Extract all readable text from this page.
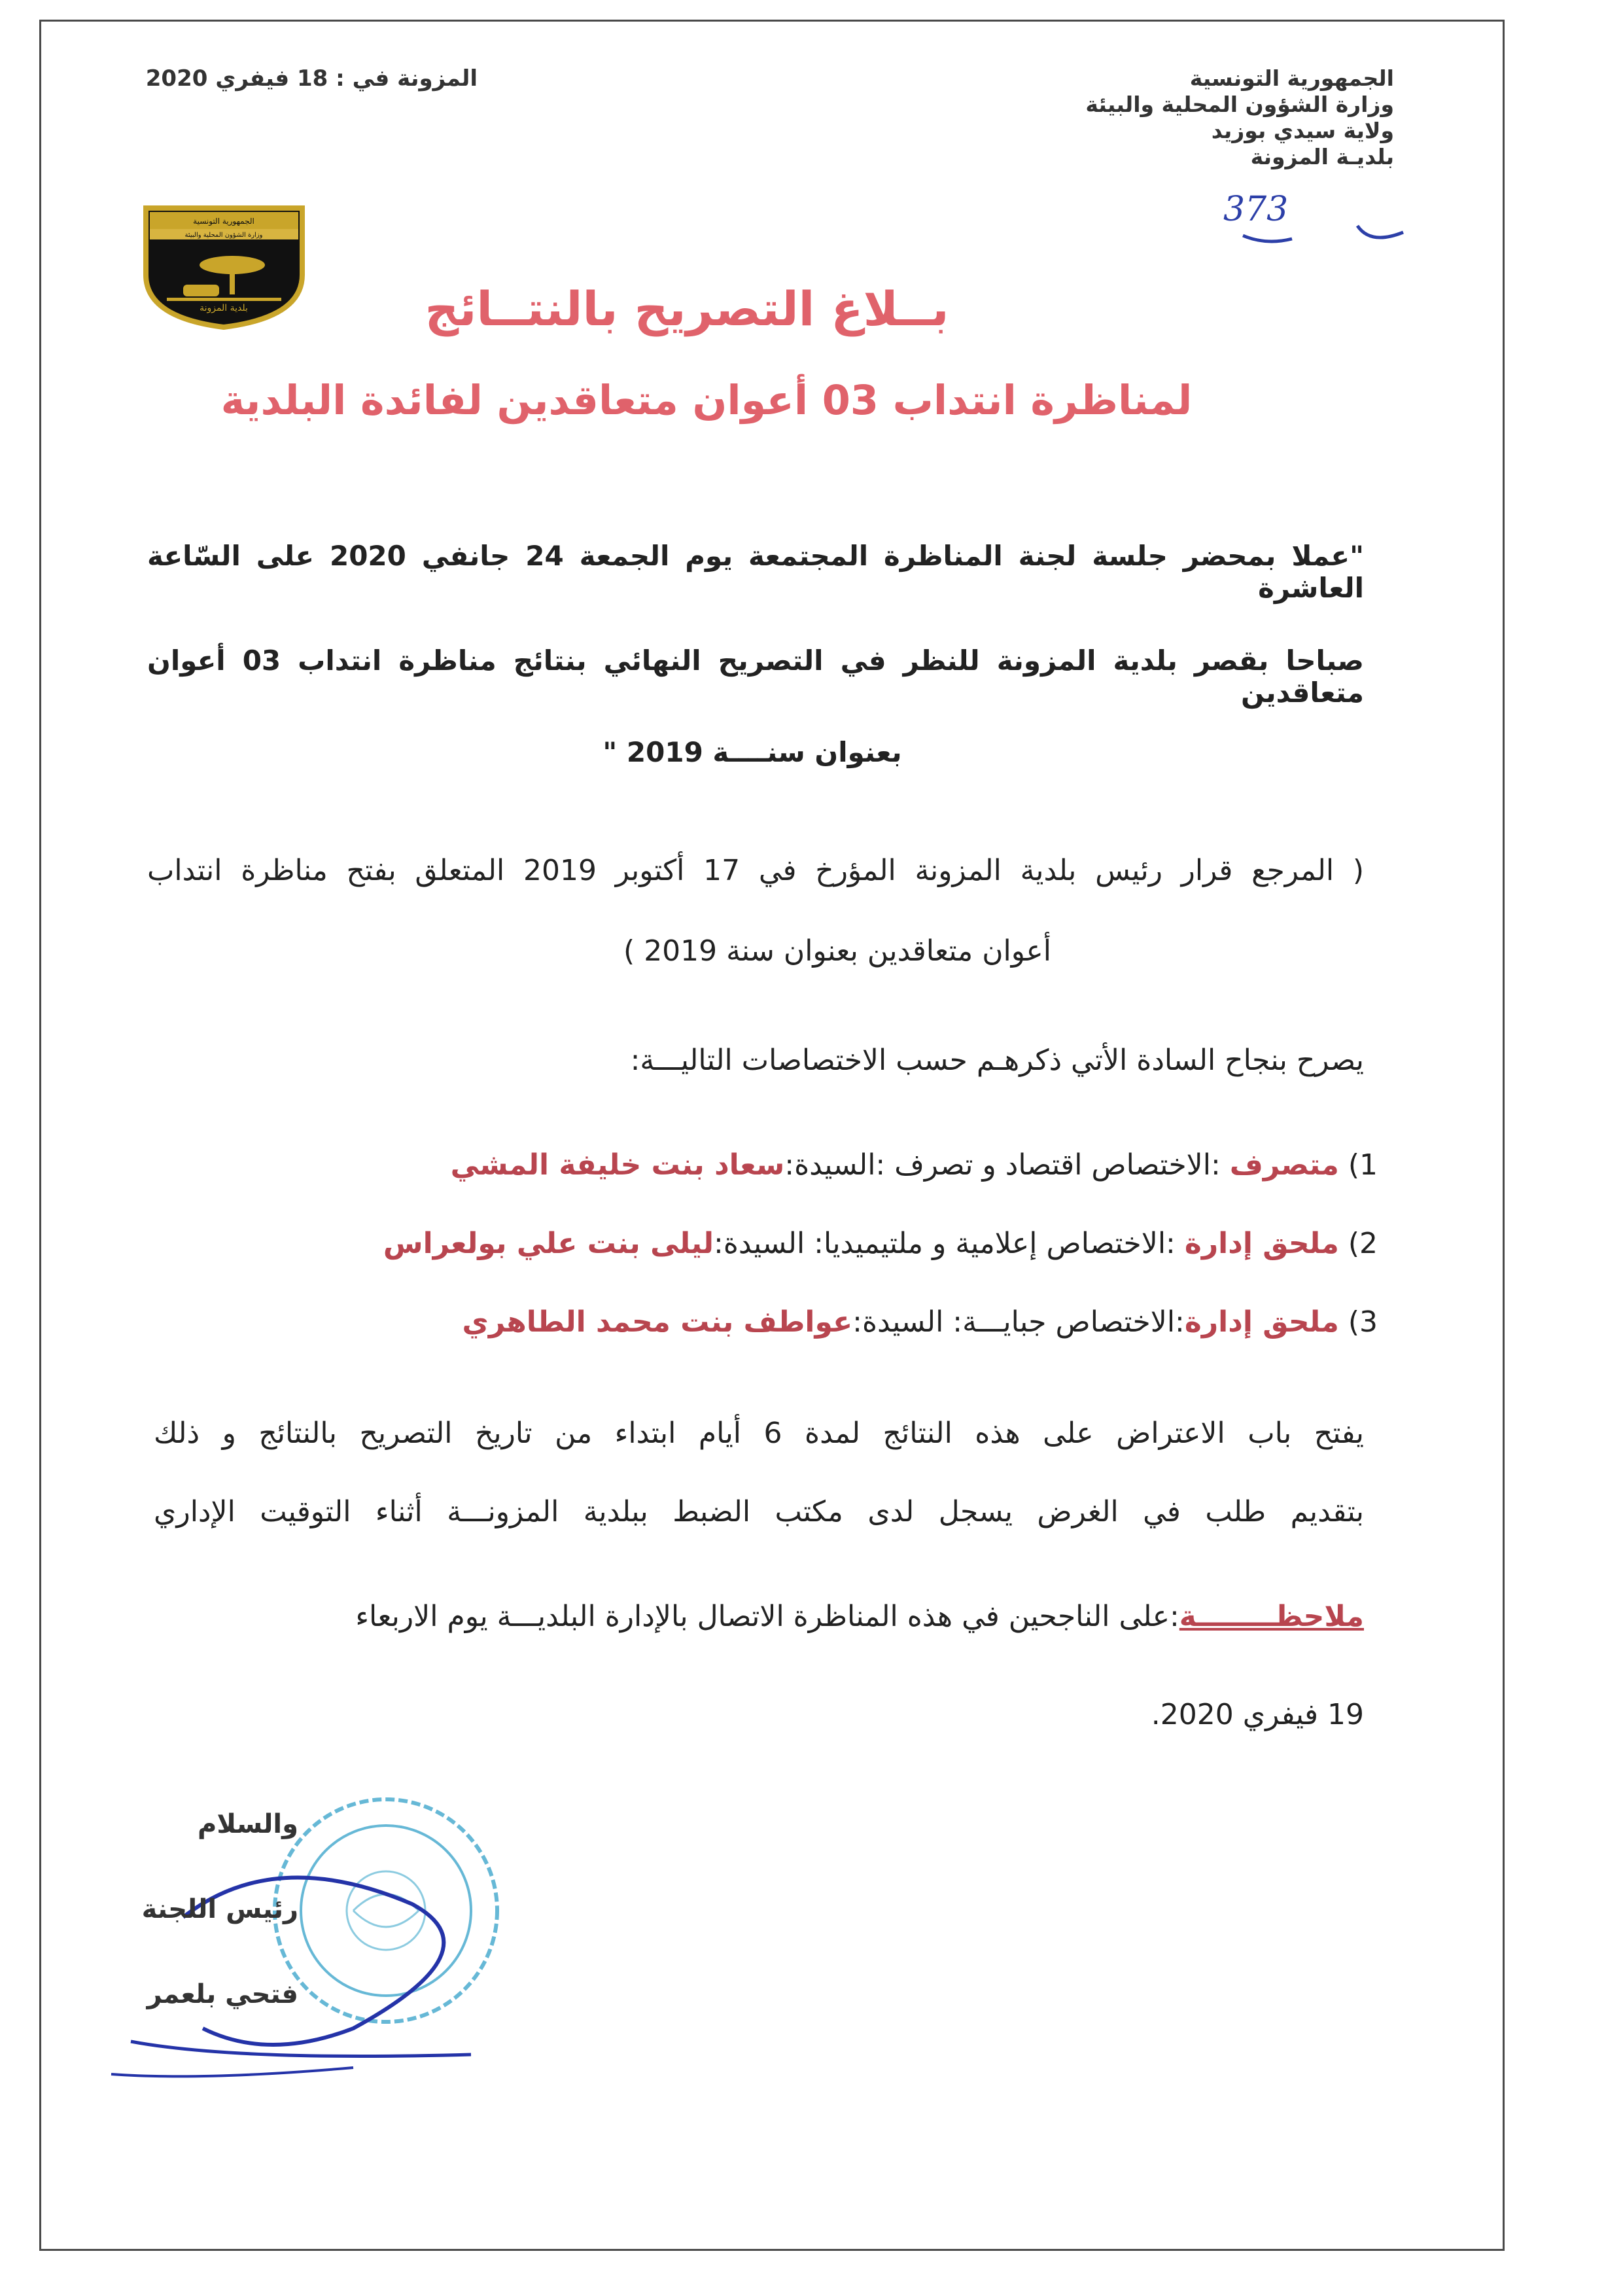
الجمهورية التونسية
وزارة الشؤون المحلية والبيئة
ولاية سيدي بوزيد
بلديـة المزونة
373
المزونة في : 18 فيفري 2020
بلدية المزونة
الجمهورية التونسية
وزارة الشؤون المحلية والبيئة
بــلاغ التصريح بالنتــائج
لمناظرة انتداب 03 أعوان متعاقدين لفائدة البلدية
"عملا بمحضر جلسة لجنة المناظرة المجتمعة يوم الجمعة 24 جانفي 2020 على السّاعة العاشرة
صباحا بقصر بلدية المزونة للنظر في التصريح النهائي بنتائج مناظرة انتداب 03 أعوان متعاقدين
بعنوان سنــــة 2019 "
( المرجع قرار رئيس بلدية المزونة المؤرخ في 17 أكتوبر 2019 المتعلق بفتح مناظرة انتداب
أعوان متعاقدين بعنوان سنة 2019 )
يصرح بنجاح السادة الأتي ذكرهـم حسب الاختصاصات التاليـــة:
1) متصرف :الاختصاص اقتصاد و تصرف :السيدة:سعاد بنت خليفة المشي
2) ملحق إدارة :الاختصاص إعلامية و ملتيميديا: السيدة:ليلى بنت علي بولعراس
3) ملحق إدارة:الاختصاص جبايـــة: السيدة:عواطف بنت محمد الطاهري
يفتح باب الاعتراض على هذه النتائج لمدة 6 أيام ابتداء من تاريخ التصريح بالنتائج و ذلك
بتقديم طلب في الغرض يسجل لدى مكتب الضبط ببلدية المزونـــة أثناء التوقيت الإداري
ملاحظــــــــة:على الناجحين في هذه المناظرة الاتصال بالإدارة البلديـــة يوم الاربعاء
19 فيفري 2020.
والسلام
رئيس اللجنة
فتحي بلعمر
